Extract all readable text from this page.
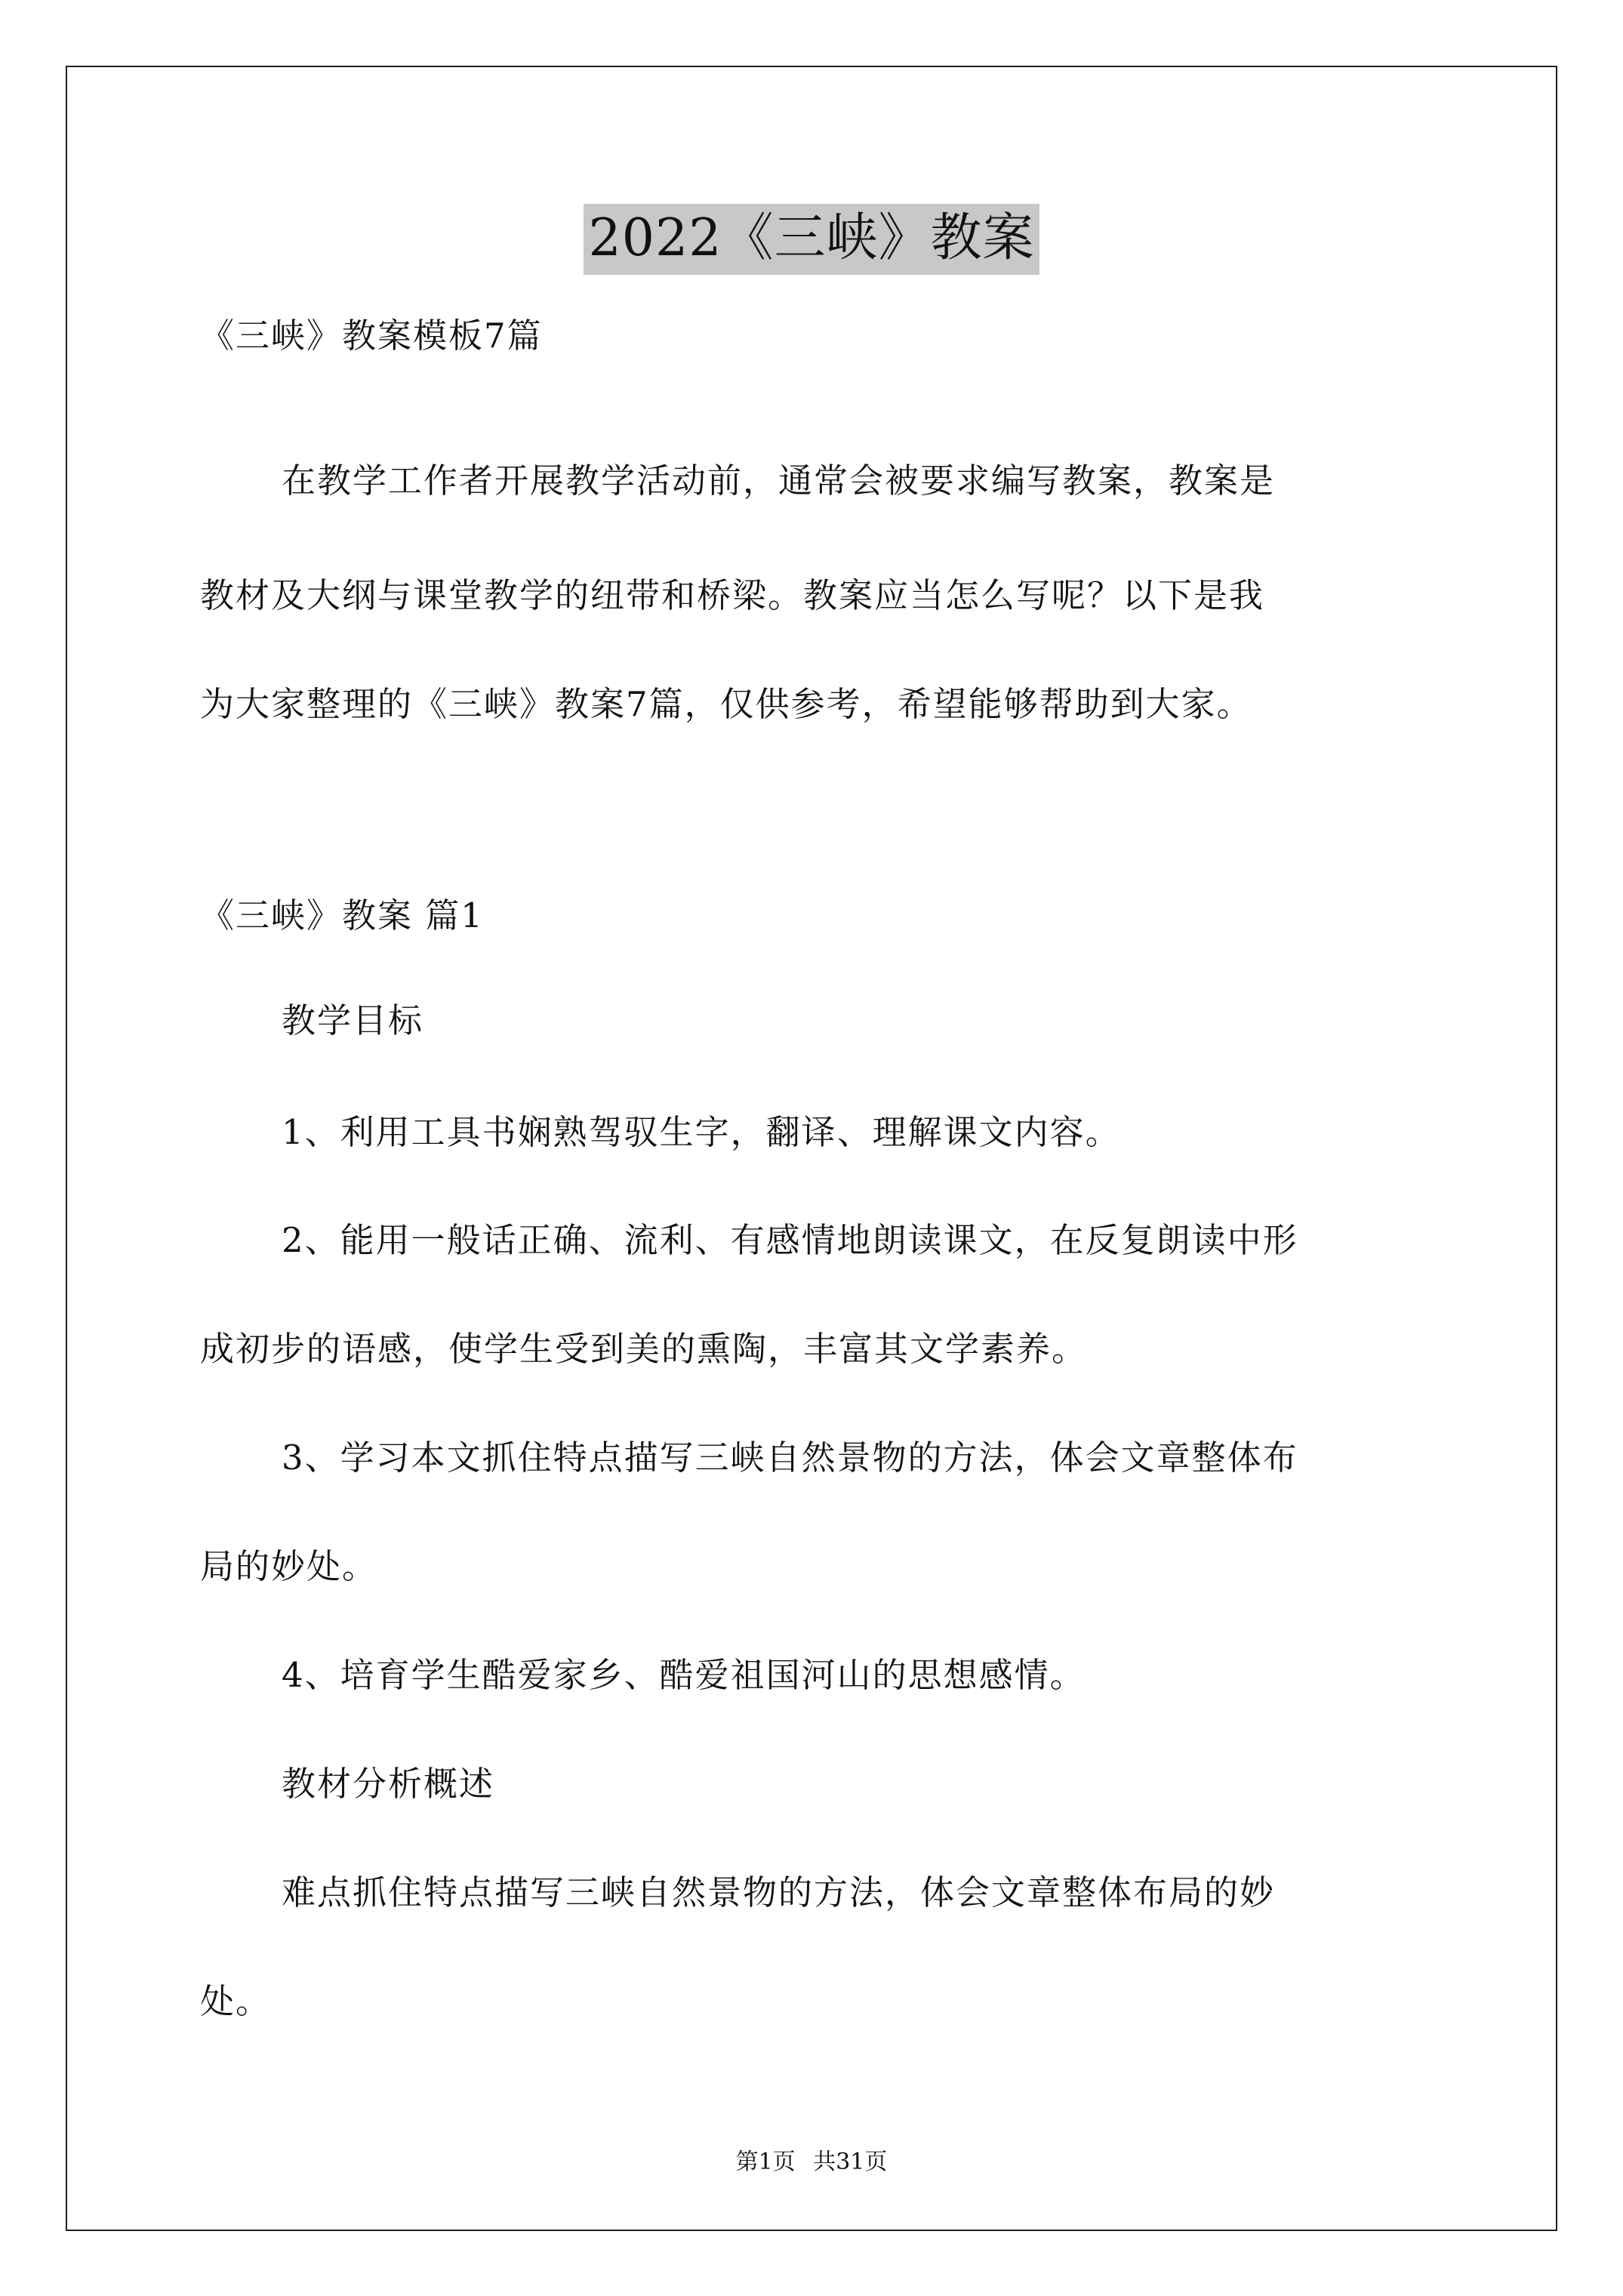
2022《三峡》教案
《三峡》教案模板7篇
在教学工作者开展教学活动前，通常会被要求编写教案，教案是
教材及大纲与课堂教学的纽带和桥梁。教案应当怎么写呢？以下是我
为大家整理的《三峡》教案7篇，仅供参考，希望能够帮助到大家。
《三峡》教案 篇1
教学目标
1、利用工具书娴熟驾驭生字，翻译、理解课文内容。
2、能用一般话正确、流利、有感情地朗读课文，在反复朗读中形
成初步的语感，使学生受到美的熏陶，丰富其文学素养。
3、学习本文抓住特点描写三峡自然景物的方法，体会文章整体布
局的妙处。
4、培育学生酷爱家乡、酷爱祖国河山的思想感情。
教材分析概述
难点抓住特点描写三峡自然景物的方法，体会文章整体布局的妙
处。
第1页 共31页
